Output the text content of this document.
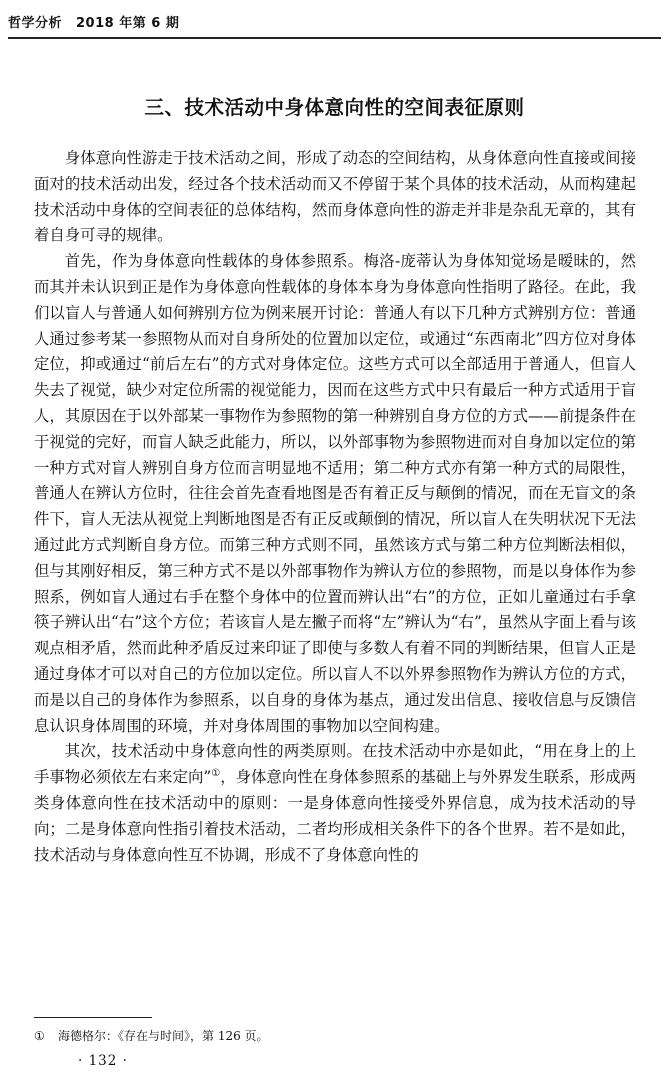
哲学分析 2018 年第 6 期
三、技术活动中身体意向性的空间表征原则

身体意向性游走于技术活动之间，形成了动态的空间结构，从身体意向性直接或间接面对的技术活动出发，经过各个技术活动而又不停留于某个具体的技术活动，从而构建起技术活动中身体的空间表征的总体结构，然而身体意向性的游走并非是杂乱无章的，其有着自身可寻的规律。

首先，作为身体意向性载体的身体参照系。梅洛-庞蒂认为身体知觉场是暧昧的，然而其并未认识到正是作为身体意向性载体的身体本身为身体意向性指明了路径。在此，我们以盲人与普通人如何辨别方位为例来展开讨论：普通人有以下几种方式辨别方位：普通人通过参考某一参照物从而对自身所处的位置加以定位，或通过“东西南北”四方位对身体定位，抑或通过“前后左右”的方式对身体定位。这些方式可以全部适用于普通人，但盲人失去了视觉，缺少对定位所需的视觉能力，因而在这些方式中只有最后一种方式适用于盲人，其原因在于以外部某一事物作为参照物的第一种辨别自身方位的方式——前提条件在于视觉的完好，而盲人缺乏此能力，所以，以外部事物为参照物进而对自身加以定位的第一种方式对盲人辨别自身方位而言明显地不适用；第二种方式亦有第一种方式的局限性，普通人在辨认方位时，往往会首先查看地图是否有着正反与颠倒的情况，而在无盲文的条件下，盲人无法从视觉上判断地图是否有正反或颠倒的情况，所以盲人在失明状况下无法通过此方式判断自身方位。而第三种方式则不同，虽然该方式与第二种方位判断法相似，但与其刚好相反，第三种方式不是以外部事物作为辨认方位的参照物，而是以身体作为参照系，例如盲人通过右手在整个身体中的位置而辨认出“右”的方位，正如儿童通过右手拿筷子辨认出“右”这个方位；若该盲人是左撇子而将“左”辨认为“右”，虽然从字面上看与该观点相矛盾，然而此种矛盾反过来印证了即使与多数人有着不同的判断结果，但盲人正是通过身体才可以对自己的方位加以定位。所以盲人不以外界参照物作为辨认方位的方式，而是以自己的身体作为参照系，以自身的身体为基点，通过发出信息、接收信息与反馈信息认识身体周围的环境，并对身体周围的事物加以空间构建。

其次，技术活动中身体意向性的两类原则。在技术活动中亦是如此，“用在身上的上手事物必须依左右来定向”①，身体意向性在身体参照系的基础上与外界发生联系，形成两类身体意向性在技术活动中的原则：一是身体意向性接受外界信息，成为技术活动的导向；二是身体意向性指引着技术活动，二者均形成相关条件下的各个世界。若不是如此，技术活动与身体意向性互不协调，形成不了身体意向性的

① 海德格尔：《存在与时间》，第 126 页。
· 132 ·
